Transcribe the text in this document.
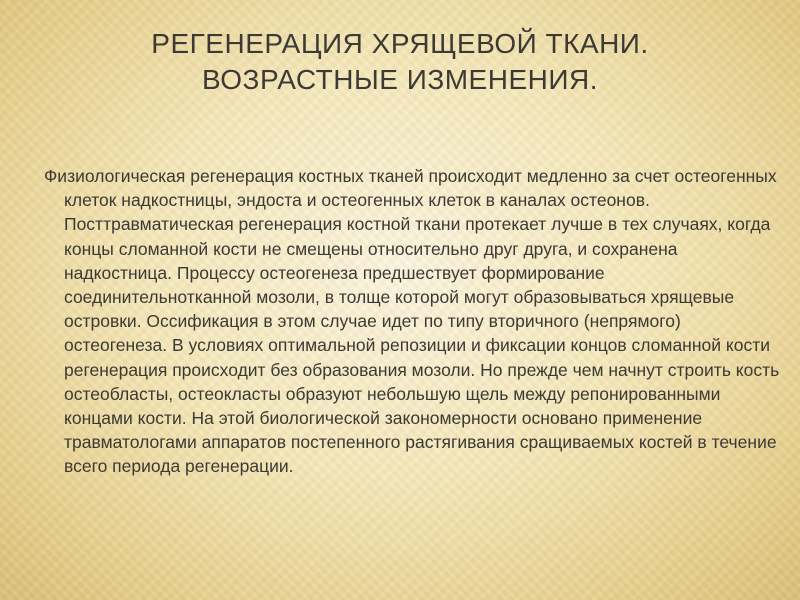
РЕГЕНЕРАЦИЯ ХРЯЩЕВОЙ ТКАНИ.
ВОЗРАСТНЫЕ ИЗМЕНЕНИЯ.

Физиологическая регенерация костных тканей происходит медленно за счет остеогенных клеток надкостницы, эндоста и остеогенных клеток в каналах остеонов. Посттравматическая регенерация костной ткани протекает лучше в тех случаях, когда концы сломанной кости не смещены относительно друг друга, и сохранена надкостница. Процессу остеогенеза предшествует формирование соединительнотканной мозоли, в толще которой могут образовываться хрящевые островки. Оссификация в этом случае идет по типу вторичного (непрямого) остеогенеза. В условиях оптимальной репозиции и фиксации концов сломанной кости регенерация происходит без образования мозоли. Но прежде чем начнут строить кость остеобласты, остеокласты образуют небольшую щель между репонированными концами кости. На этой биологической закономерности основано применение травматологами аппаратов постепенного растягивания сращиваемых костей в течение всего периода регенерации.
